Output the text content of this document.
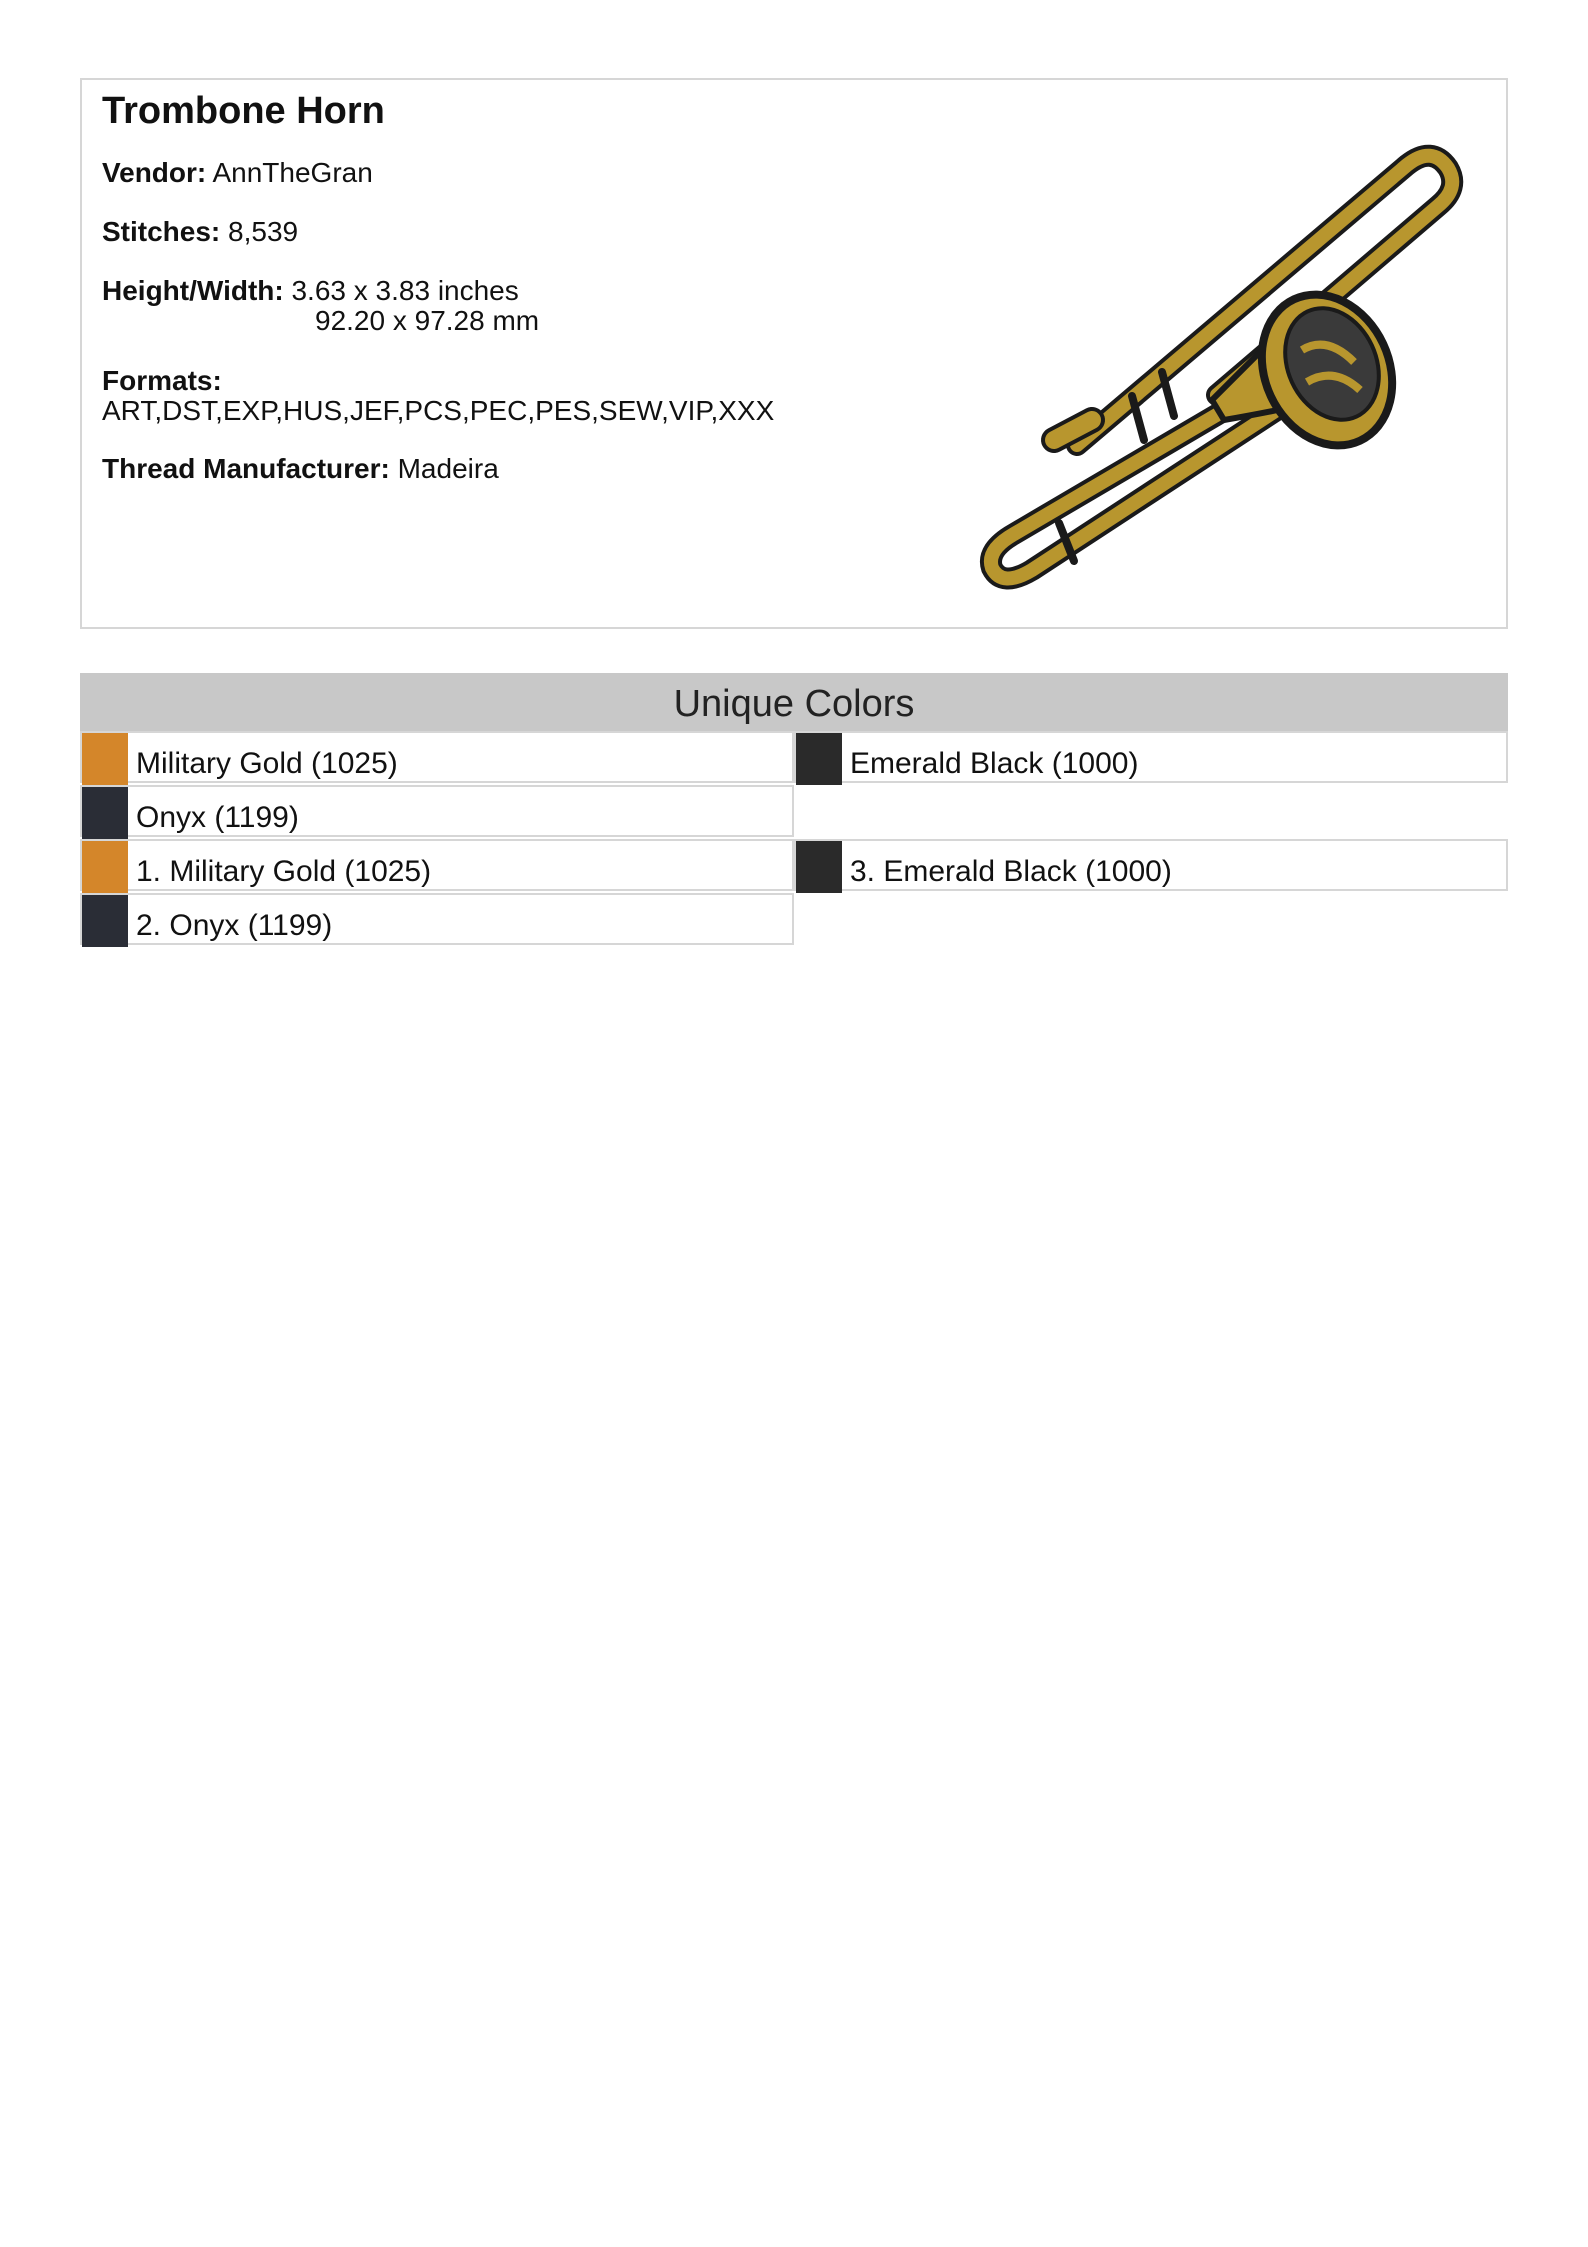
Trombone Horn
Vendor: AnnTheGran
Stitches: 8,539
Height/Width: 3.63 x 3.83 inches
92.20 x 97.28 mm
Formats:
ART,DST,EXP,HUS,JEF,PCS,PEC,PES,SEW,VIP,XXX
Thread Manufacturer: Madeira
Unique Colors
Military Gold (1025)	Emerald Black (1000)
Onyx (1199)
1. Military Gold (1025)	3. Emerald Black (1000)
2. Onyx (1199)
